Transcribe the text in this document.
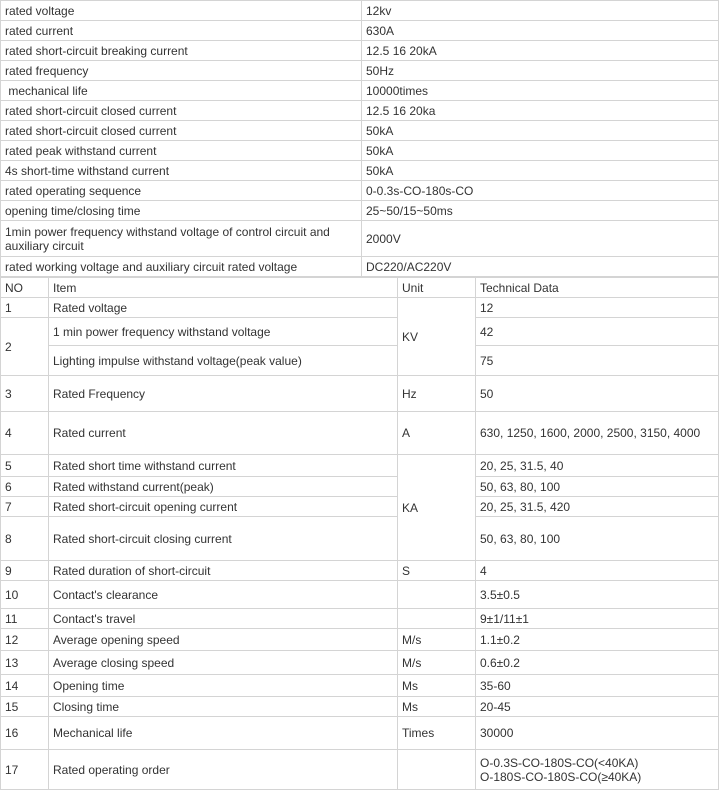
rated voltage	12kv
rated current	630A
rated short-circuit breaking current	12.5 16 20kA
rated frequency	50Hz
mechanical life	10000times
rated short-circuit closed current	12.5 16 20ka
rated short-circuit closed current	50kA
rated peak withstand current	50kA
4s short-time withstand current	50kA
rated operating sequence	0-0.3s-CO-180s-CO
opening time/closing time	25~50/15~50ms
1min power frequency withstand voltage of control circuit and auxiliary circuit	2000V
rated working voltage and auxiliary circuit rated voltage	DC220/AC220V
NO	Item	Unit	Technical Data
1	Rated voltage	KV	12
2	1 min power frequency withstand voltage		42
	Lighting impulse withstand voltage(peak value)		75
3	Rated Frequency	Hz	50
4	Rated current	A	630, 1250, 1600, 2000, 2500, 3150, 4000
5	Rated short time withstand current	KA	20, 25, 31.5, 40
6	Rated withstand current(peak)		50, 63, 80, 100
7	Rated short-circuit opening current		20, 25, 31.5, 420
8	Rated short-circuit closing current		50, 63, 80, 100
9	Rated duration of short-circuit	S	4
10	Contact's clearance		3.5±0.5
11	Contact's travel		9±1/11±1
12	Average opening speed	M/s	1.1±0.2
13	Average closing speed	M/s	0.6±0.2
14	Opening time	Ms	35-60
15	Closing time	Ms	20-45
16	Mechanical life	Times	30000
17	Rated operating order		O-0.3S-CO-180S-CO(<40KA)
O-180S-CO-180S-CO(≥40KA)
